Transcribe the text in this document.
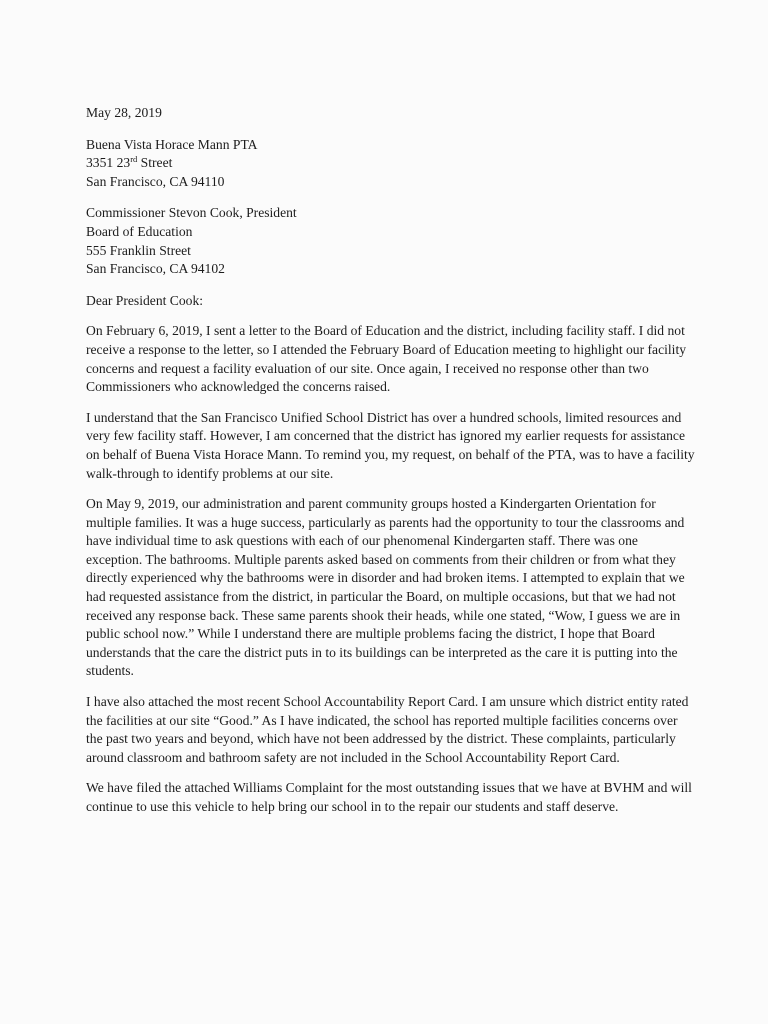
May 28, 2019
Buena Vista Horace Mann PTA
3351 23rd Street
San Francisco, CA 94110
Commissioner Stevon Cook, President
Board of Education
555 Franklin Street
San Francisco, CA 94102
Dear President Cook:

On February 6, 2019, I sent a letter to the Board of Education and the district, including facility staff. I did not receive a response to the letter, so I attended the February Board of Education meeting to highlight our facility concerns and request a facility evaluation of our site. Once again, I received no response other than two Commissioners who acknowledged the concerns raised.

I understand that the San Francisco Unified School District has over a hundred schools, limited resources and very few facility staff. However, I am concerned that the district has ignored my earlier requests for assistance on behalf of Buena Vista Horace Mann. To remind you, my request, on behalf of the PTA, was to have a facility walk-through to identify problems at our site.

On May 9, 2019, our administration and parent community groups hosted a Kindergarten Orientation for multiple families. It was a huge success, particularly as parents had the opportunity to tour the classrooms and have individual time to ask questions with each of our phenomenal Kindergarten staff. There was one exception. The bathrooms. Multiple parents asked based on comments from their children or from what they directly experienced why the bathrooms were in disorder and had broken items. I attempted to explain that we had requested assistance from the district, in particular the Board, on multiple occasions, but that we had not received any response back. These same parents shook their heads, while one stated, “Wow, I guess we are in public school now.” While I understand there are multiple problems facing the district, I hope that Board understands that the care the district puts in to its buildings can be interpreted as the care it is putting into the students.

I have also attached the most recent School Accountability Report Card. I am unsure which district entity rated the facilities at our site “Good.” As I have indicated, the school has reported multiple facilities concerns over the past two years and beyond, which have not been addressed by the district. These complaints, particularly around classroom and bathroom safety are not included in the School Accountability Report Card.

We have filed the attached Williams Complaint for the most outstanding issues that we have at BVHM and will continue to use this vehicle to help bring our school in to the repair our students and staff deserve.
